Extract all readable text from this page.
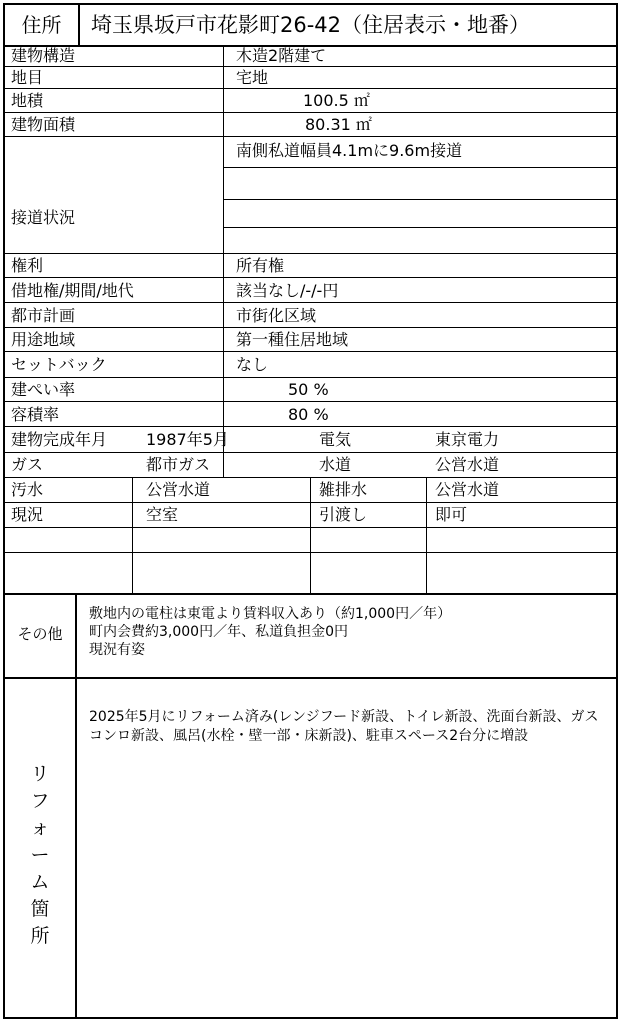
住所	埼玉県坂戸市花影町26-42（住居表示・地番）
建物構造	木造2階建て
地目	宅地
地積	100.5 ㎡
建物面積	80.31 ㎡
接道状況
南側私道幅員4.1mに9.6m接道
権利	所有権
借地権/期間/地代	該当なし/-/-円
都市計画	市街化区域
用途地域	第一種住居地域
セットバック	なし
建ぺい率	50 %
容積率	80 %
建物完成年月 1987年5月	電気	東京電力
ガス	都市ガス	水道	公営水道
汚水	公営水道	雑排水	公営水道
現況	空室	引渡し	即可
その他
敷地内の電柱は東電より賃料収入あり（約1,000円／年）
町内会費約3,000円／年、私道負担金0円
現況有姿
リフォーム箇所
2025年5月にリフォーム済み(レンジフード新設、トイレ新設、洗面台新設、ガスコンロ新設、風呂(水栓・壁一部・床新設)、駐車スペース2台分に増設
